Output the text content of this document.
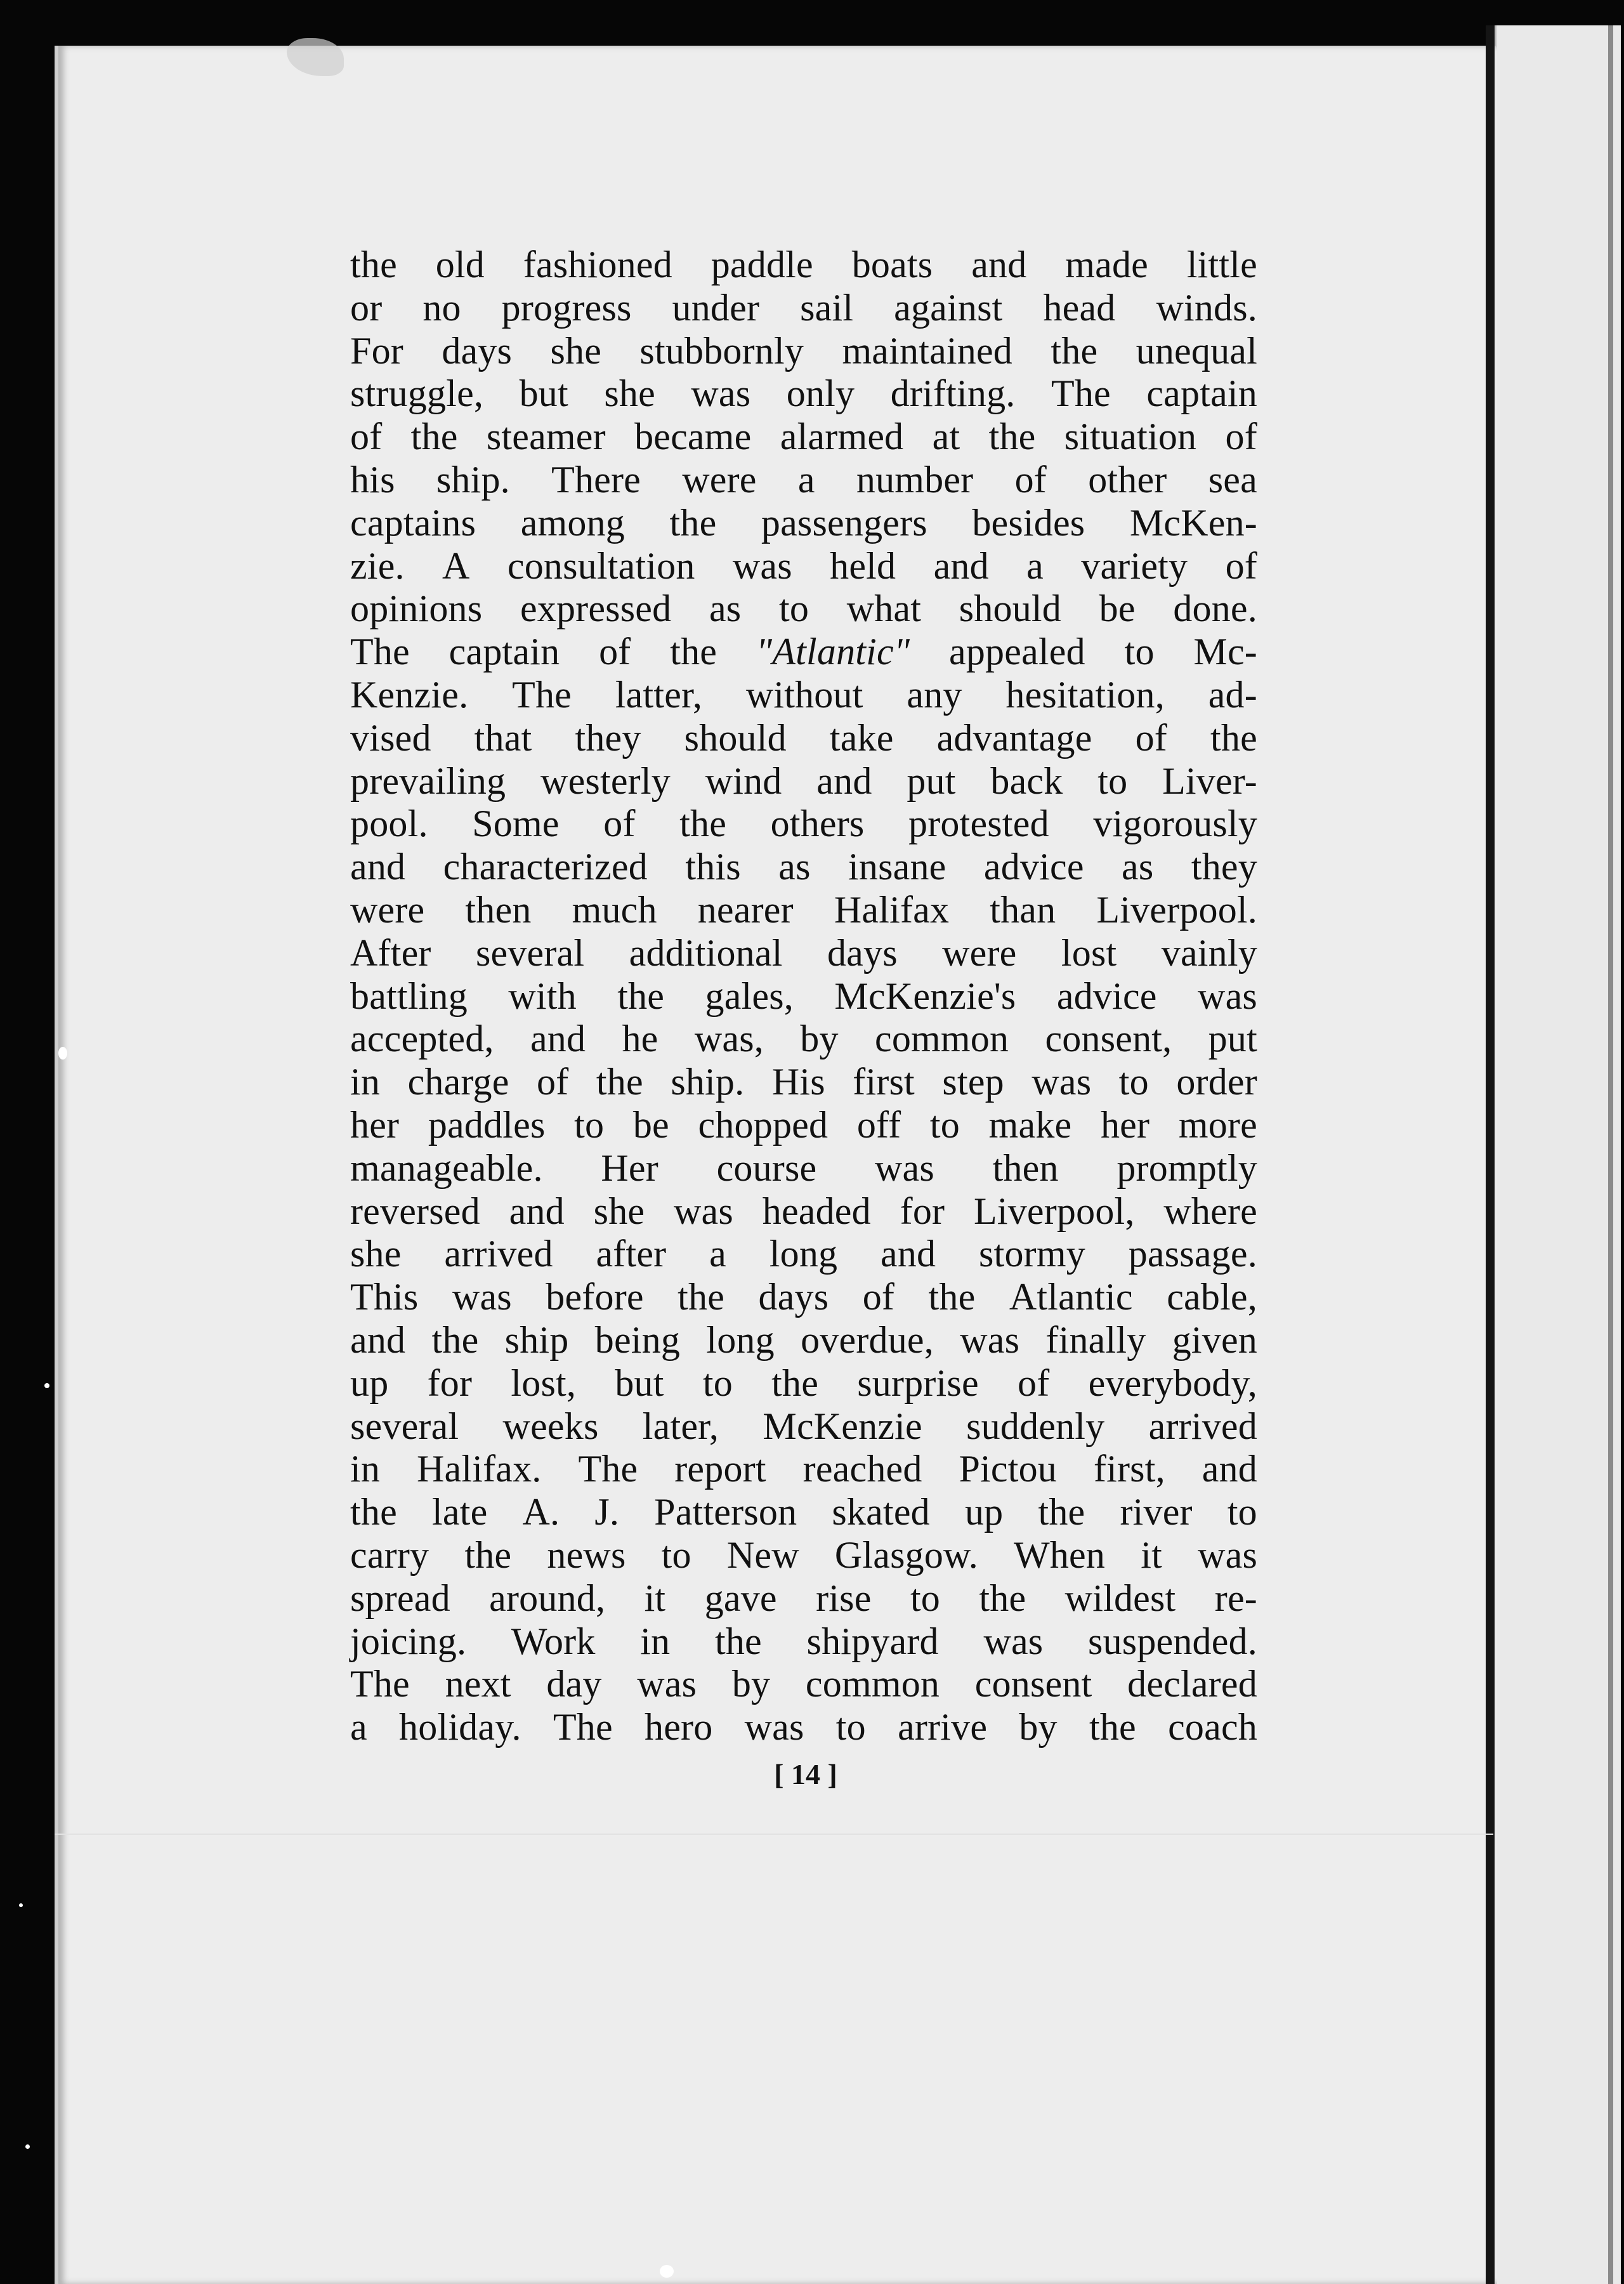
the old fashioned paddle boats and made little
or no progress under sail against head winds.
For days she stubbornly maintained the unequal
struggle, but she was only drifting. The captain
of the steamer became alarmed at the situation of
his ship. There were a number of other sea
captains among the passengers besides McKen-
zie. A consultation was held and a variety of
opinions expressed as to what should be done.
The captain of the "Atlantic" appealed to Mc-
Kenzie. The latter, without any hesitation, ad-
vised that they should take advantage of the
prevailing westerly wind and put back to Liver-
pool. Some of the others protested vigorously
and characterized this as insane advice as they
were then much nearer Halifax than Liverpool.
After several additional days were lost vainly
battling with the gales, McKenzie's advice was
accepted, and he was, by common consent, put
in charge of the ship. His first step was to order
her paddles to be chopped off to make her more
manageable. Her course was then promptly
reversed and she was headed for Liverpool, where
she arrived after a long and stormy passage.
This was before the days of the Atlantic cable,
and the ship being long overdue, was finally given
up for lost, but to the surprise of everybody,
several weeks later, McKenzie suddenly arrived
in Halifax. The report reached Pictou first, and
the late A. J. Patterson skated up the river to
carry the news to New Glasgow. When it was
spread around, it gave rise to the wildest re-
joicing. Work in the shipyard was suspended.
The next day was by common consent declared
a holiday. The hero was to arrive by the coach
[ 14 ]
